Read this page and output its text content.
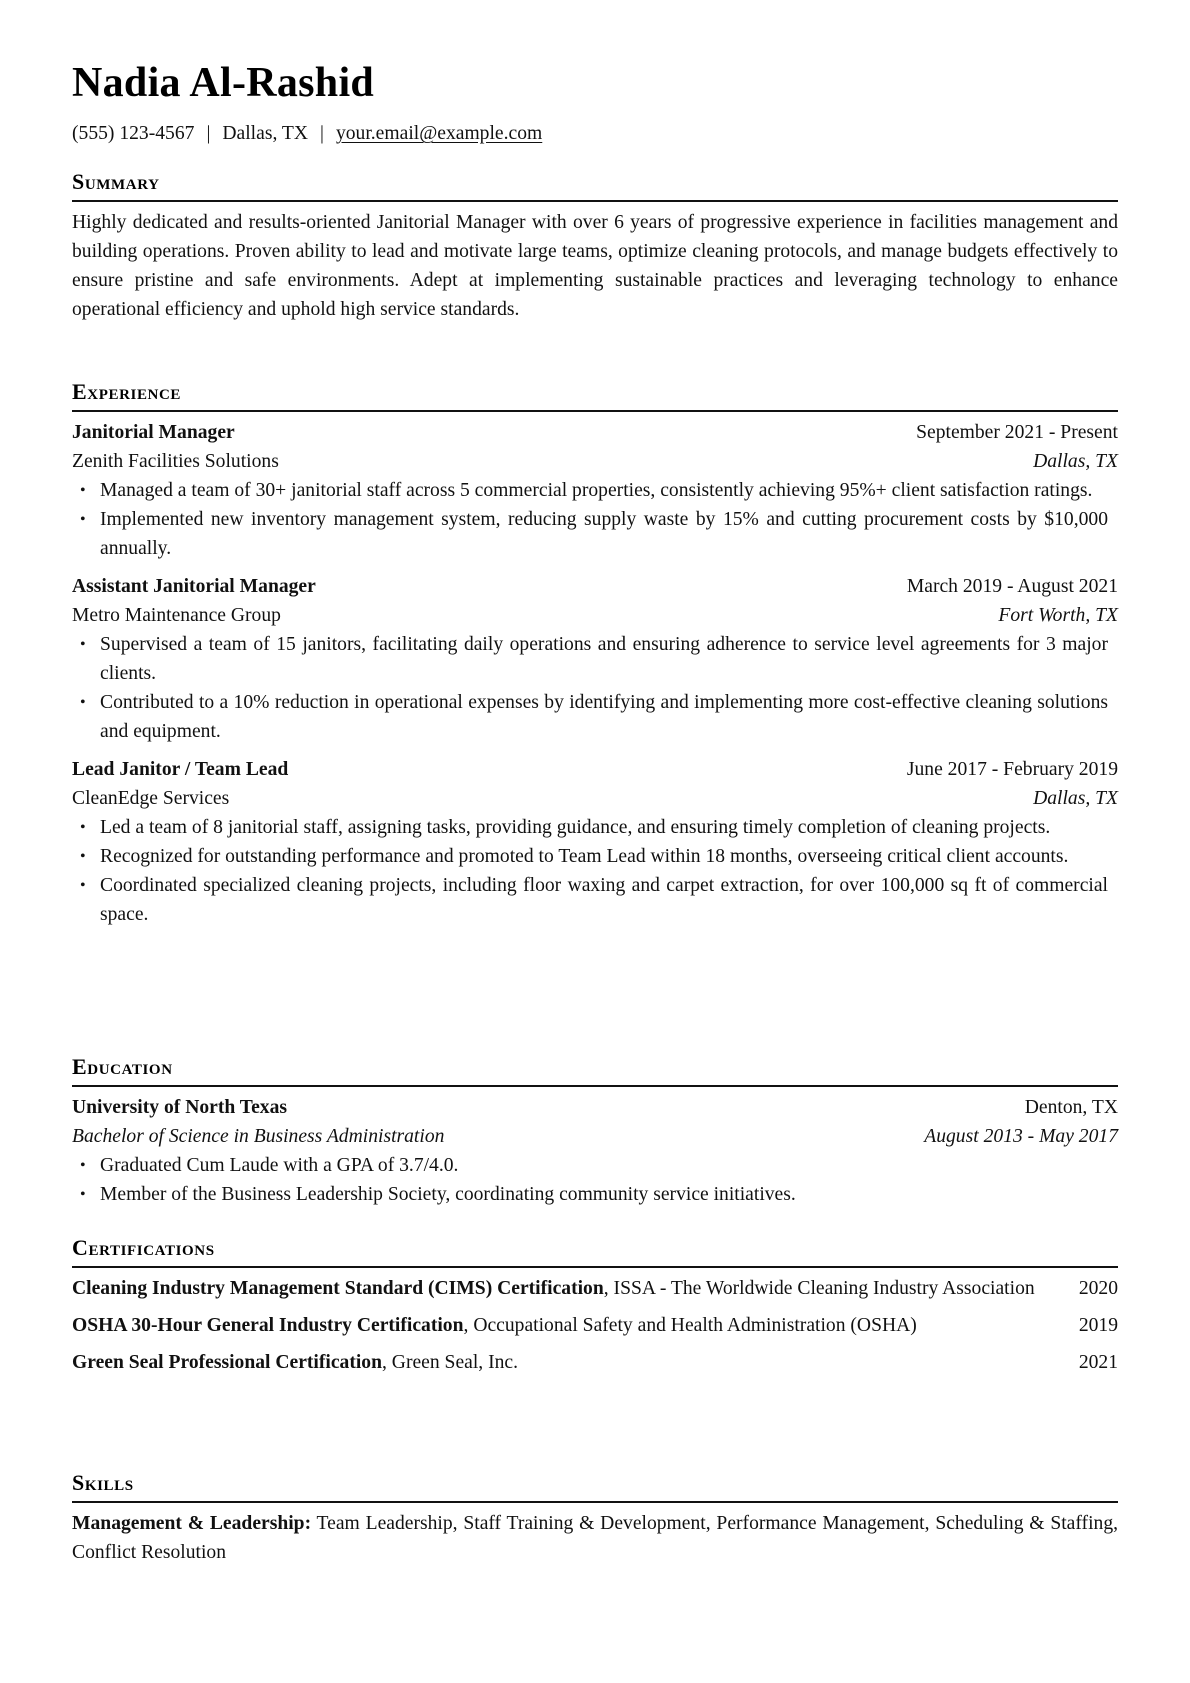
Nadia Al-Rashid
(555) 123-4567 | Dallas, TX | your.email@example.com
Summary
Highly dedicated and results-oriented Janitorial Manager with over 6 years of progressive experience in facilities management and building operations. Proven ability to lead and motivate large teams, optimize cleaning protocols, and manage budgets effectively to ensure pristine and safe environments. Adept at implementing sustainable practices and leveraging technology to enhance operational efficiency and uphold high service standards.
Experience
Janitorial Manager	September 2021 - Present
Zenith Facilities Solutions	Dallas, TX
• Managed a team of 30+ janitorial staff across 5 commercial properties, consistently achieving 95%+ client satisfaction ratings.
• Implemented new inventory management system, reducing supply waste by 15% and cutting procurement costs by $10,000 annually.
Assistant Janitorial Manager	March 2019 - August 2021
Metro Maintenance Group	Fort Worth, TX
• Supervised a team of 15 janitors, facilitating daily operations and ensuring adherence to service level agreements for 3 major clients.
• Contributed to a 10% reduction in operational expenses by identifying and implementing more cost-effective cleaning solutions and equipment.
Lead Janitor / Team Lead	June 2017 - February 2019
CleanEdge Services	Dallas, TX
• Led a team of 8 janitorial staff, assigning tasks, providing guidance, and ensuring timely completion of cleaning projects.
• Recognized for outstanding performance and promoted to Team Lead within 18 months, overseeing critical client accounts.
• Coordinated specialized cleaning projects, including floor waxing and carpet extraction, for over 100,000 sq ft of commercial space.
Education
University of North Texas	Denton, TX
Bachelor of Science in Business Administration	August 2013 - May 2017
• Graduated Cum Laude with a GPA of 3.7/4.0.
• Member of the Business Leadership Society, coordinating community service initiatives.
Certifications
Cleaning Industry Management Standard (CIMS) Certification, ISSA - The Worldwide Cleaning Industry Association 2020
OSHA 30-Hour General Industry Certification, Occupational Safety and Health Administration (OSHA)	2019
Green Seal Professional Certification, Green Seal, Inc.	2021
Skills
Management & Leadership: Team Leadership, Staff Training & Development, Performance Management, Scheduling & Staffing, Conflict Resolution
